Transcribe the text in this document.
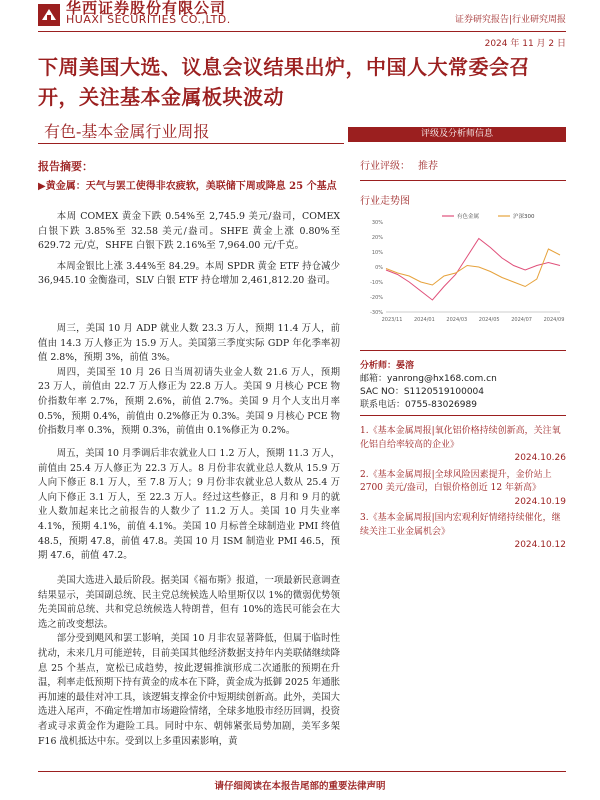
华西证券股份有限公司
HUAXI SECURITIES CO.,LTD.	证券研究报告|行业研究周报
2024 年 11 月 2 日
下周美国大选、议息会议结果出炉，中国人大常委会召开，关注基本金属板块波动
有色-基本金属行业周报	评级及分析师信息
报告摘要：
▶黄金属：天气与罢工使得非农疲软，美联储下周或降息 25 个基点

本周 COMEX 黄金下跌 0.54%至 2,745.9 美元/盎司，COMEX 白银下跌 3.85%至 32.58 美元/盎司。SHFE 黄金上涨 0.80%至 629.72 元/克，SHFE 白银下跌 2.16%至 7,964.00 元/千克。

本周金银比上涨 3.44%至 84.29。本周 SPDR 黄金 ETF 持仓减少 36,945.10 金衡盎司，SLV 白银 ETF 持仓增加 2,461,812.20 盎司。

周三，美国 10 月 ADP 就业人数 23.3 万人，预期 11.4 万人，前值由 14.3 万人修正为 15.9 万人。美国第三季度实际 GDP 年化季率初值 2.8%，预期 3%，前值 3%。

周四，美国至 10 月 26 日当周初请失业金人数 21.6 万人，预期 23 万人，前值由 22.7 万人修正为 22.8 万人。美国 9 月核心 PCE 物价指数年率 2.7%，预期 2.6%，前值 2.7%。美国 9 月个人支出月率 0.5%，预期 0.4%，前值由 0.2%修正为 0.3%。美国 9 月核心 PCE 物价指数月率 0.3%，预期 0.3%，前值由 0.1%修正为 0.2%。

周五，美国 10 月季调后非农就业人口 1.2 万人，预期 11.3 万人，前值由 25.4 万人修正为 22.3 万人。8 月份非农就业总人数从 15.9 万人向下修正 8.1 万人，至 7.8 万人；9 月份非农就业总人数从 25.4 万人向下修正 3.1 万人，至 22.3 万人。经过这些修正，8 月和 9 月的就业人数加起来比之前报告的人数少了 11.2 万人。美国 10 月失业率 4.1%，预期 4.1%，前值 4.1%。美国 10 月标普全球制造业 PMI 终值 48.5，预期 47.8，前值 47.8。美国 10 月 ISM 制造业 PMI 46.5，预期 47.6，前值 47.2。

美国大选进入最后阶段。据美国《福布斯》报道，一项最新民意调查结果显示，美国副总统、民主党总统候选人哈里斯仅以 1%的微弱优势领先美国前总统、共和党总统候选人特朗普，但有 10%的选民可能会在大选之前改变想法。

部分受到飓风和罢工影响，美国 10 月非农显著降低，但属于临时性扰动，未来几月可能逆转，目前美国其他经济数据支持年内美联储继续降息 25 个基点，宽松已成趋势，按此逻辑推演形成二次通胀的预期在升温，利率走低预期下持有黄金的成本在下降，黄金成为抵御 2025 年通胀再加速的最佳对冲工具，该逻辑支撑金价中短期续创新高。此外，美国大选进入尾声，不确定性增加市场避险情绪，全球多地股市经历回调，投资者或寻求黄金作为避险工具。同时中东、朝韩紧张局势加剧，美军多架 F16 战机抵达中东。受到以上多重因素影响，黄

行业评级： 推荐
行业走势图
30%
20%
10%
0%
-10%
-20%
-30%
2023/11 2024/01 2024/03 2024/05 2024/07 2024/09
有色金属	沪深300
分析师：晏溶
邮箱：yanrong@hx168.com.cn
SAC NO：S1120519100004
联系电话：0755-83026989
1.《基本金属周报|氧化铝价格持续创新高，关注氧化铝自给率较高的企业》
2024.10.26
2.《基本金属周报|全球风险因素提升，金价站上 2700 美元/盎司，白银价格创近 12 年新高》
2024.10.19
3.《基本金属周报|国内宏观利好情绪持续催化，继续关注工业金属机会》
2024.10.12
请仔细阅读在本报告尾部的重要法律声明
